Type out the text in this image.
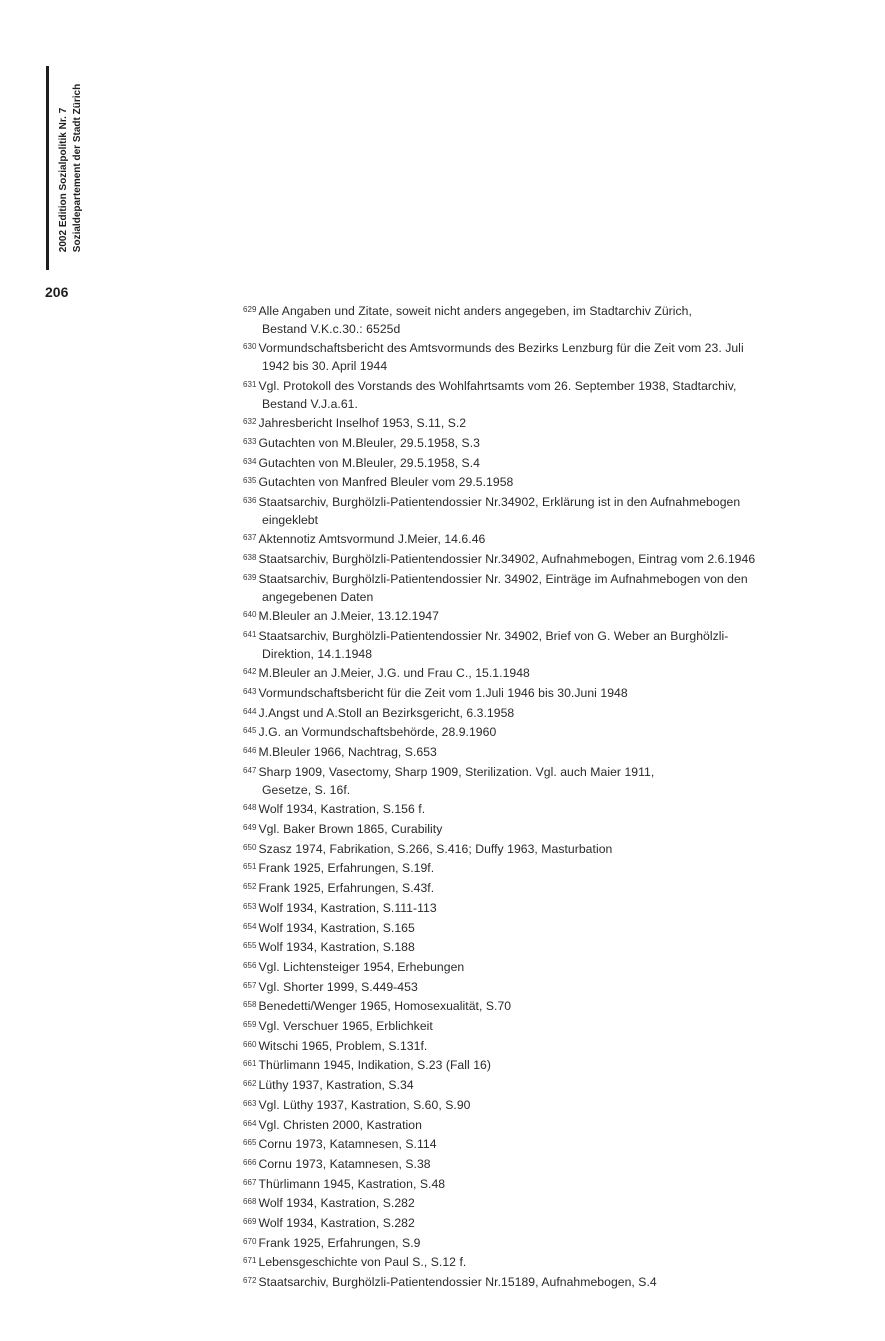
2002 Edition Sozialpolitik Nr. 7 Sozialdepartement der Stadt Zürich
206
$^{629}$ Alle Angaben und Zitate, soweit nicht anders angegeben, im Stadtarchiv Zürich,
Bestand V.K.c.30.: 6525d
$^{630}$ Vormundschaftsbericht des Amtsvormunds des Bezirks Lenzburg für die Zeit vom 23. Juli
1942 bis 30. April 1944
$^{631}$ Vgl. Protokoll des Vorstands des Wohlfahrtsamts vom 26. September 1938, Stadtarchiv,
Bestand V.J.a.61.
$^{632}$ Jahresbericht Inselhof 1953, S.11, S.2
$^{633}$ Gutachten von M.Bleuler, 29.5.1958, S.3
$^{634}$ Gutachten von M.Bleuler, 29.5.1958, S.4
$^{635}$ Gutachten von Manfred Bleuler vom 29.5.1958
$^{636}$ Staatsarchiv, Burghölzli-Patientendossier Nr.34902, Erklärung ist in den Aufnahmebogen
eingeklebt
$^{637}$ Aktennotiz Amtsvormund J.Meier, 14.6.46
$^{638}$ Staatsarchiv, Burghölzli-Patientendossier Nr.34902, Aufnahmebogen, Eintrag vom 2.6.1946
$^{639}$ Staatsarchiv, Burghölzli-Patientendossier Nr. 34902, Einträge im Aufnahmebogen von den
angegebenen Daten
$^{640}$ M.Bleuler an J.Meier, 13.12.1947
$^{641}$ Staatsarchiv, Burghölzli-Patientendossier Nr. 34902, Brief von G. Weber an Burghölzli-
Direktion, 14.1.1948
$^{642}$ M.Bleuler an J.Meier, J.G. und Frau C., 15.1.1948
$^{643}$ Vormundschaftsbericht für die Zeit vom 1.Juli 1946 bis 30.Juni 1948
$^{644}$ J.Angst und A.Stoll an Bezirksgericht, 6.3.1958
$^{645}$ J.G. an Vormundschaftsbehörde, 28.9.1960
$^{646}$ M.Bleuler 1966, Nachtrag, S.653
$^{647}$ Sharp 1909, Vasectomy, Sharp 1909, Sterilization. Vgl. auch Maier 1911,
Gesetze, S. 16f.
$^{648}$ Wolf 1934, Kastration, S.156 f.
$^{649}$ Vgl. Baker Brown 1865, Curability
$^{650}$ Szasz 1974, Fabrikation, S.266, S.416; Duffy 1963, Masturbation
$^{651}$ Frank 1925, Erfahrungen, S.19f.
$^{652}$ Frank 1925, Erfahrungen, S.43f.
$^{653}$ Wolf 1934, Kastration, S.111-113
$^{654}$ Wolf 1934, Kastration, S.165
$^{655}$ Wolf 1934, Kastration, S.188
$^{656}$ Vgl. Lichtensteiger 1954, Erhebungen
$^{657}$ Vgl. Shorter 1999, S.449-453
$^{658}$ Benedetti/Wenger 1965, Homosexualität, S.70
$^{659}$ Vgl. Verschuer 1965, Erblichkeit
$^{660}$ Witschi 1965, Problem, S.131f.
$^{661}$ Thürlimann 1945, Indikation, S.23 (Fall 16)
$^{662}$ Lüthy 1937, Kastration, S.34
$^{663}$ Vgl. Lüthy 1937, Kastration, S.60, S.90
$^{664}$ Vgl. Christen 2000, Kastration
$^{665}$ Cornu 1973, Katamnesen, S.114
$^{666}$ Cornu 1973, Katamnesen, S.38
$^{667}$ Thürlimann 1945, Kastration, S.48
$^{668}$ Wolf 1934, Kastration, S.282
$^{669}$ Wolf 1934, Kastration, S.282
$^{670}$ Frank 1925, Erfahrungen, S.9
$^{671}$ Lebensgeschichte von Paul S., S.12 f.
$^{672}$ Staatsarchiv, Burghölzli-Patientendossier Nr.15189, Aufnahmebogen, S.4
